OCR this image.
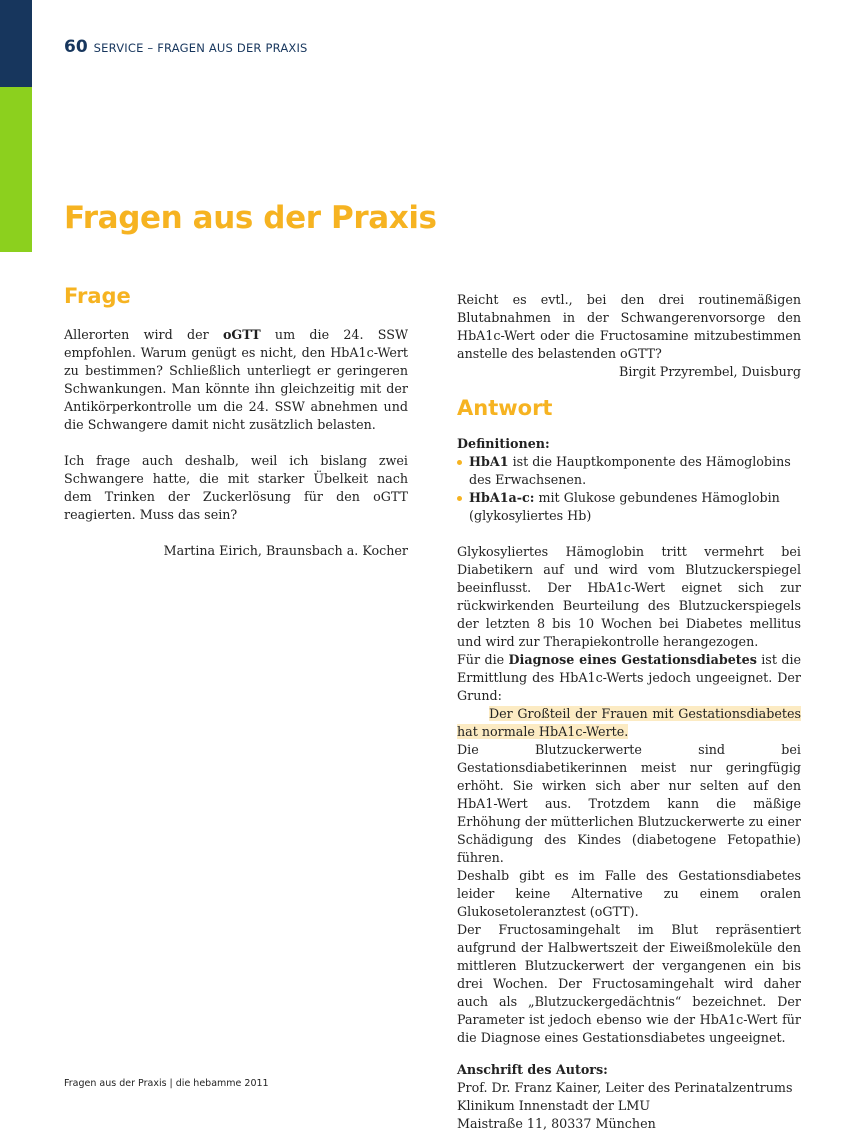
60 SERVICE – FRAGEN AUS DER PRAXIS
Fragen aus der Praxis
Frage

Allerorten wird der oGTT um die 24. SSW empfohlen. Warum genügt es nicht, den HbA1c-Wert zu bestimmen? Schließlich unterliegt er geringeren Schwankungen. Man könnte ihn gleichzeitig mit der Antikörperkontrolle um die 24. SSW abnehmen und die Schwangere damit nicht zusätzlich belasten.

Ich frage auch deshalb, weil ich bislang zwei Schwangere hatte, die mit starker Übelkeit nach dem Trinken der Zuckerlösung für den oGTT reagierten. Muss das sein?

Martina Eirich, Braunsbach a. Kocher

Reicht es evtl., bei den drei routinemäßigen Blutabnahmen in der Schwangerenvorsorge den HbA1c-Wert oder die Fructosamine mitzubestimmen anstelle des belastenden oGTT?

Birgit Przyrembel, Duisburg

Antwort
Definitionen:
HbA1 ist die Hauptkomponente des Hämoglobins des Erwachsenen.
HbA1a-c: mit Glukose gebundenes Hämoglobin (glykosyliertes Hb)

Glykosyliertes Hämoglobin tritt vermehrt bei Diabetikern auf und wird vom Blutzuckerspiegel beeinflusst. Der HbA1c-Wert eignet sich zur rückwirkenden Beurteilung des Blutzuckerspiegels der letzten 8 bis 10 Wochen bei Diabetes mellitus und wird zur Therapiekontrolle herangezogen.

Für die Diagnose eines Gestationsdiabetes ist die Ermittlung des HbA1c-Werts jedoch ungeeignet. Der Grund:

Der Großteil der Frauen mit Gestationsdiabetes hat normale HbA1c-Werte.

Die Blutzuckerwerte sind bei Gestationsdiabetikerinnen meist nur geringfügig erhöht. Sie wirken sich aber nur selten auf den HbA1-Wert aus. Trotzdem kann die mäßige Erhöhung der mütterlichen Blutzuckerwerte zu einer Schädigung des Kindes (diabetogene Fetopathie) führen.

Deshalb gibt es im Falle des Gestationsdiabetes leider keine Alternative zu einem oralen Glukosetoleranztest (oGTT).

Der Fructosamingehalt im Blut repräsentiert aufgrund der Halbwertszeit der Eiweißmoleküle den mittleren Blutzuckerwert der vergangenen ein bis drei Wochen. Der Fructosamingehalt wird daher auch als „Blutzuckergedächtnis“ bezeichnet. Der Parameter ist jedoch ebenso wie der HbA1c-Wert für die Diagnose eines Gestationsdiabetes ungeeignet.

Anschrift des Autors:
Prof. Dr. Franz Kainer, Leiter des Perinatalzentrums
Klinikum Innenstadt der LMU
Maistraße 11, 80337 München
Fragen aus der Praxis | die hebamme 2011
